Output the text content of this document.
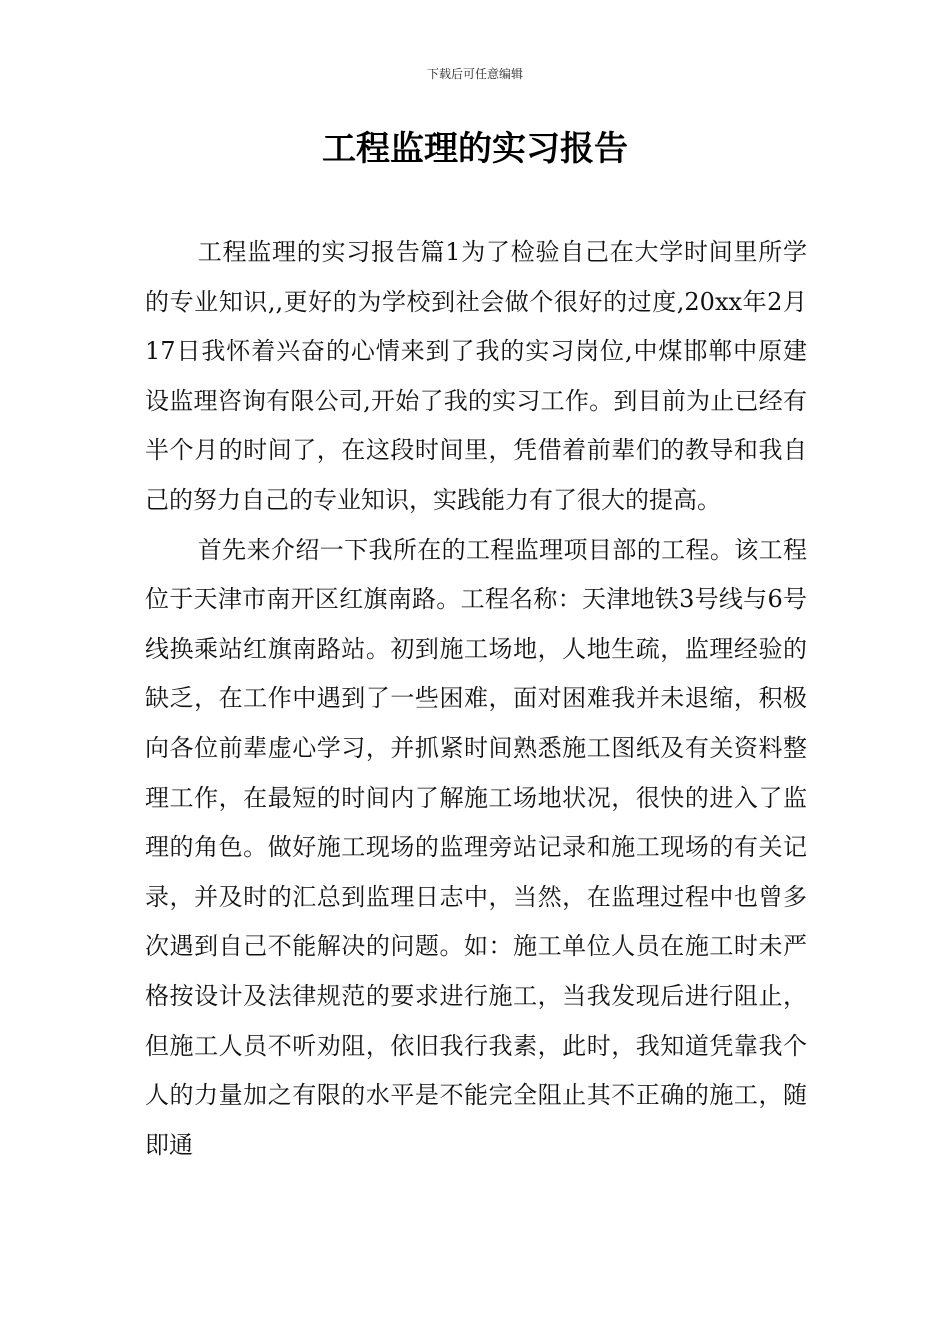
下载后可任意编辑
工程监理的实习报告

工程监理的实习报告篇1为了检验自己在大学时间里所学的专业知识,,更好的为学校到社会做个很好的过度,20xx年2月17日我怀着兴奋的心情来到了我的实习岗位,中煤邯郸中原建设监理咨询有限公司,开始了我的实习工作。到目前为止已经有半个月的时间了，在这段时间里，凭借着前辈们的教导和我自己的努力自己的专业知识，实践能力有了很大的提高。

首先来介绍一下我所在的工程监理项目部的工程。该工程位于天津市南开区红旗南路。工程名称：天津地铁3号线与6号线换乘站红旗南路站。初到施工场地，人地生疏，监理经验的缺乏，在工作中遇到了一些困难，面对困难我并未退缩，积极向各位前辈虚心学习，并抓紧时间熟悉施工图纸及有关资料整理工作，在最短的时间内了解施工场地状况，很快的进入了监理的角色。做好施工现场的监理旁站记录和施工现场的有关记录，并及时的汇总到监理日志中，当然，在监理过程中也曾多次遇到自己不能解决的问题。如：施工单位人员在施工时未严格按设计及法律规范的要求进行施工，当我发现后进行阻止，但施工人员不听劝阻，依旧我行我素，此时，我知道凭靠我个人的力量加之有限的水平是不能完全阻止其不正确的施工，随即通
